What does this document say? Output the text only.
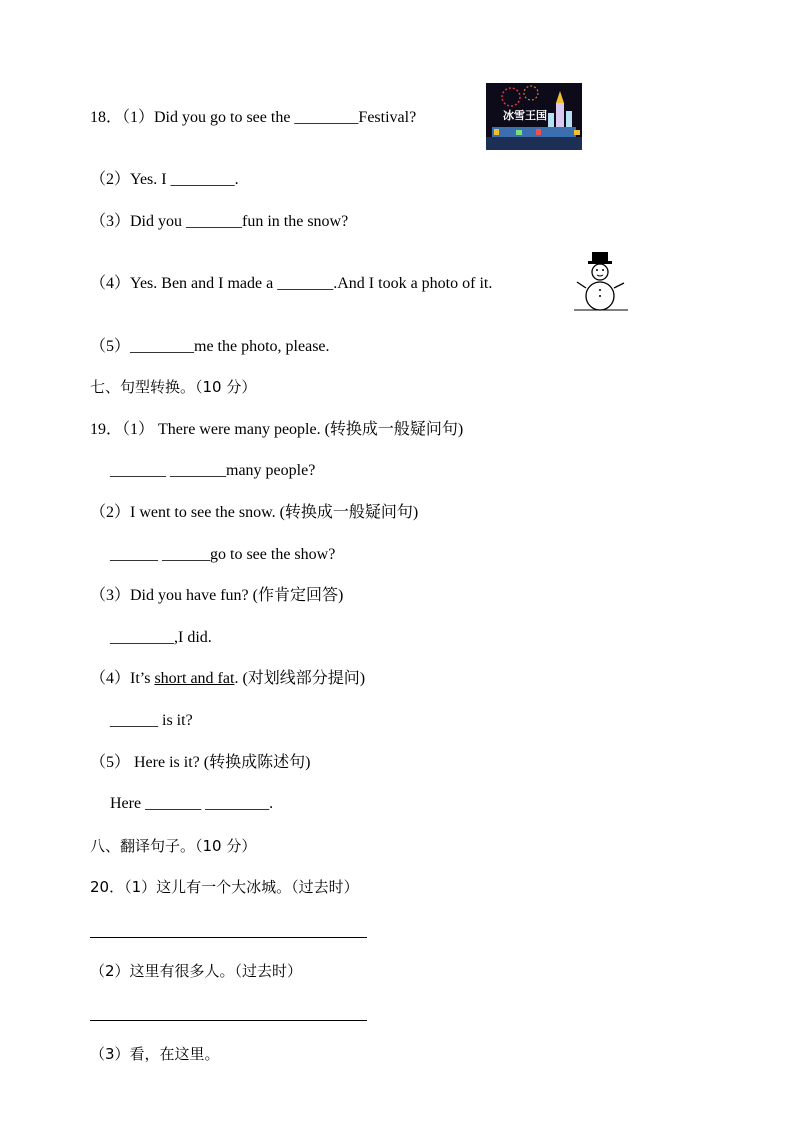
18．（1）Did you go to see the ________Festival?	冰雪王国
（2）Yes. I ________.
（3）Did you _______fun in the snow?
（4）Yes. Ben and I made a _______.And I took a photo of it.
（5）________me the photo, please.
七、句型转换。（10 分）
19．（1） There were many people. (转换成一般疑问句)
_______ _______many people?
（2）I went to see the snow. (转换成一般疑问句)
______ ______go to see the show?
（3）Did you have fun? (作肯定回答)
________,I did.
（4）It’s short and fat. (对划线部分提问)
______ is it?
（5） Here is it? (转换成陈述句)
Here _______ ________.
八、翻译句子。（10 分）
20．（1）这儿有一个大冰城。（过去时）
（2）这里有很多人。（过去时）
（3）看，在这里。
